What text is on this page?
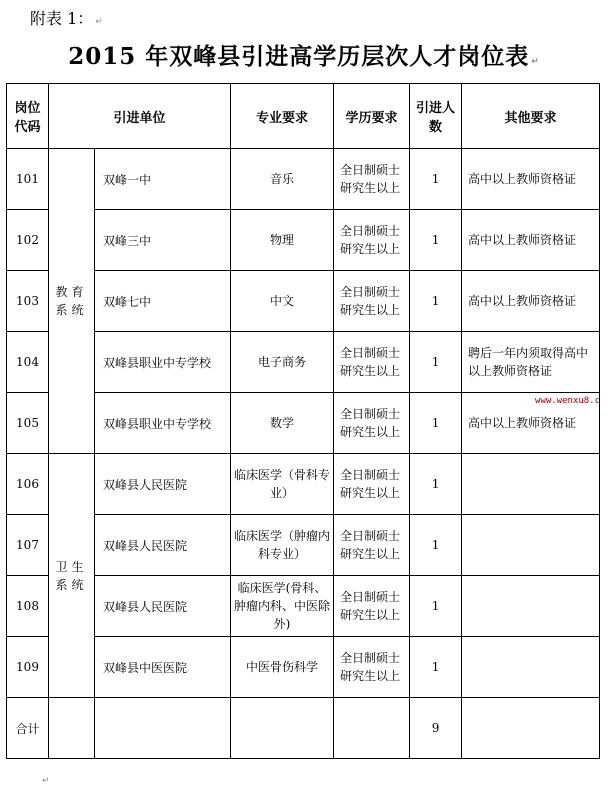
附表 1： ↵
2015 年双峰县引进高学历层次人才岗位表 ↵
岗位代码	引进单位		专业要求	学历要求	引进人数	其他要求
101	教育系统	双峰一中	音乐	全日制硕士研究生以上	1	高中以上教师资格证
102		双峰三中	物理	全日制硕士研究生以上	1	高中以上教师资格证
103		双峰七中	中文	全日制硕士研究生以上	1	高中以上教师资格证
104		双峰县职业中专学校	电子商务	全日制硕士研究生以上	1	聘后一年内须取得高中以上教师资格证
105		双峰县职业中专学校	数学	全日制硕士研究生以上	1	高中以上教师资格证
106	卫生系统	双峰县人民医院	临床医学（骨科专业）	全日制硕士研究生以上	1	
107		双峰县人民医院	临床医学（肿瘤内科专业）	全日制硕士研究生以上	1	
108		双峰县人民医院	临床医学(骨科、肿瘤内科、中医除外)	全日制硕士研究生以上	1	
109		双峰县中医医院	中医骨伤科学	全日制硕士研究生以上	1	
合计					9	
www.wenxu8.c
↵
